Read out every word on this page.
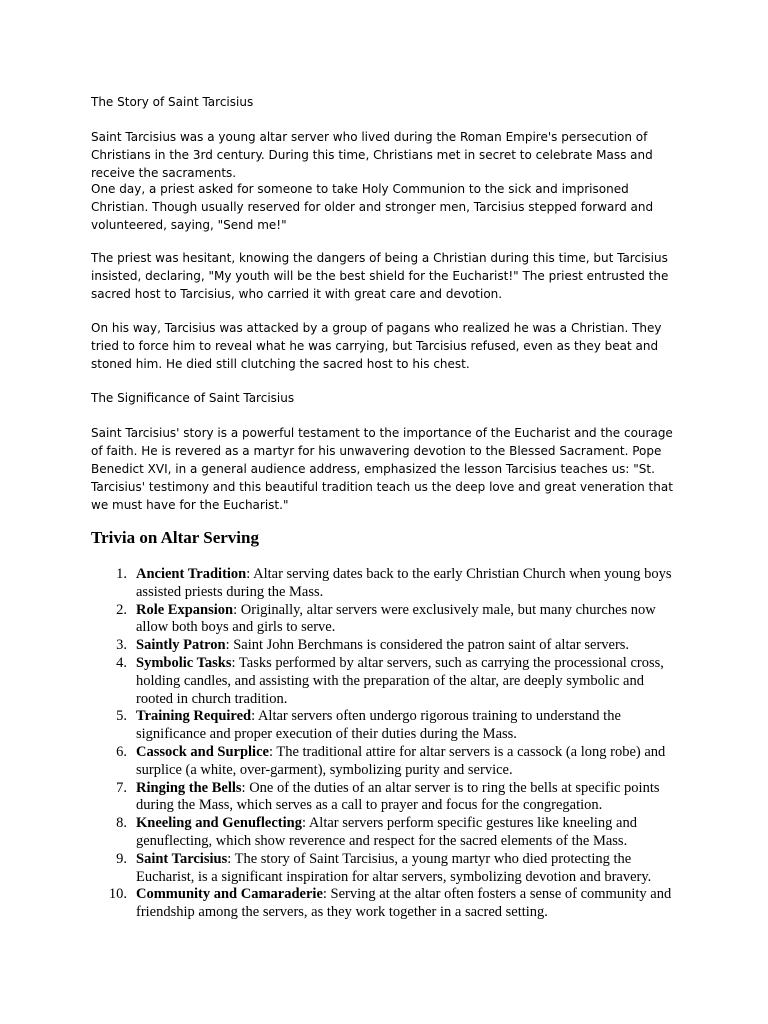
The Story of Saint Tarcisius

Saint Tarcisius was a young altar server who lived during the Roman Empire's persecution of Christians in the 3rd century. During this time, Christians met in secret to celebrate Mass and receive the sacraments.

One day, a priest asked for someone to take Holy Communion to the sick and imprisoned Christian. Though usually reserved for older and stronger men, Tarcisius stepped forward and volunteered, saying, "Send me!"

The priest was hesitant, knowing the dangers of being a Christian during this time, but Tarcisius insisted, declaring, "My youth will be the best shield for the Eucharist!" The priest entrusted the sacred host to Tarcisius, who carried it with great care and devotion.

On his way, Tarcisius was attacked by a group of pagans who realized he was a Christian. They tried to force him to reveal what he was carrying, but Tarcisius refused, even as they beat and stoned him. He died still clutching the sacred host to his chest.

The Significance of Saint Tarcisius

Saint Tarcisius' story is a powerful testament to the importance of the Eucharist and the courage of faith. He is revered as a martyr for his unwavering devotion to the Blessed Sacrament. Pope Benedict XVI, in a general audience address, emphasized the lesson Tarcisius teaches us: "St. Tarcisius' testimony and this beautiful tradition teach us the deep love and great veneration that we must have for the Eucharist."

Trivia on Altar Serving
1. Ancient Tradition: Altar serving dates back to the early Christian Church when young boys assisted priests during the Mass.
2. Role Expansion: Originally, altar servers were exclusively male, but many churches now allow both boys and girls to serve.
3. Saintly Patron: Saint John Berchmans is considered the patron saint of altar servers.
4. Symbolic Tasks: Tasks performed by altar servers, such as carrying the processional cross, holding candles, and assisting with the preparation of the altar, are deeply symbolic and rooted in church tradition.
5. Training Required: Altar servers often undergo rigorous training to understand the significance and proper execution of their duties during the Mass.
6. Cassock and Surplice: The traditional attire for altar servers is a cassock (a long robe) and surplice (a white, over-garment), symbolizing purity and service.
7. Ringing the Bells: One of the duties of an altar server is to ring the bells at specific points during the Mass, which serves as a call to prayer and focus for the congregation.
8. Kneeling and Genuflecting: Altar servers perform specific gestures like kneeling and genuflecting, which show reverence and respect for the sacred elements of the Mass.
9. Saint Tarcisius: The story of Saint Tarcisius, a young martyr who died protecting the Eucharist, is a significant inspiration for altar servers, symbolizing devotion and bravery.
10. Community and Camaraderie: Serving at the altar often fosters a sense of community and friendship among the servers, as they work together in a sacred setting.
